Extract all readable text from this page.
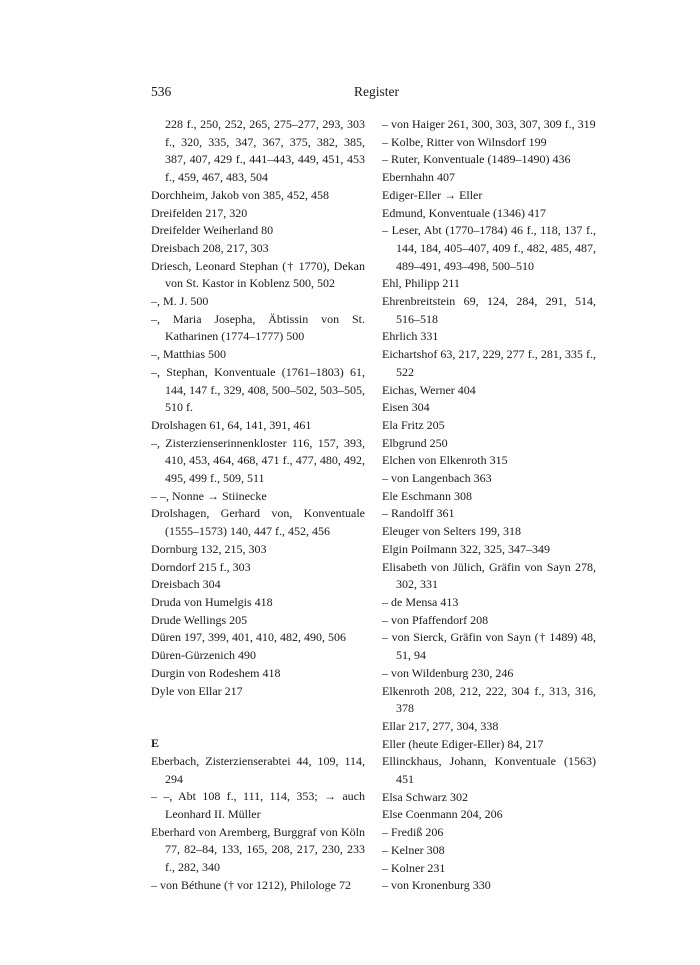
536	Register

228 f., 250, 252, 265, 275–277, 293, 303 f., 320, 335, 347, 367, 375, 382, 385, 387, 407, 429 f., 441–443, 449, 451, 453 f., 459, 467, 483, 504

Dorchheim, Jakob von 385, 452, 458

Dreifelden 217, 320

Dreifelder Weiherland 80

Dreisbach 208, 217, 303

Driesch, Leonard Stephan († 1770), Dekan von St. Kastor in Koblenz 500, 502

–, M. J. 500

–, Maria Josepha, Äbtissin von St. Katharinen (1774–1777) 500

–, Matthias 500

–, Stephan, Konventuale (1761–1803) 61, 144, 147 f., 329, 408, 500–502, 503–505, 510 f.

Drolshagen 61, 64, 141, 391, 461

–, Zisterzienserinnenkloster 116, 157, 393, 410, 453, 464, 468, 471 f., 477, 480, 492, 495, 499 f., 509, 511

– –, Nonne → Stiinecke

Drolshagen, Gerhard von, Konventuale (1555–1573) 140, 447 f., 452, 456

Dornburg 132, 215, 303

Dorndorf 215 f., 303

Dreisbach 304

Druda von Humelgis 418

Drude Wellings 205

Düren 197, 399, 401, 410, 482, 490, 506

Düren-Gürzenich 490

Durgin von Rodeshem 418

Dyle von Ellar 217

E

Eberbach, Zisterzienserabtei 44, 109, 114, 294

– –, Abt 108 f., 111, 114, 353; → auch Leonhard II. Müller

Eberhard von Aremberg, Burggraf von Köln 77, 82–84, 133, 165, 208, 217, 230, 233 f., 282, 340

– von Béthune († vor 1212), Philologe 72

– von Haiger 261, 300, 303, 307, 309 f., 319

– Kolbe, Ritter von Wilnsdorf 199

– Ruter, Konventuale (1489–1490) 436

Ebernhahn 407

Ediger-Eller → Eller

Edmund, Konventuale (1346) 417

– Leser, Abt (1770–1784) 46 f., 118, 137 f., 144, 184, 405–407, 409 f., 482, 485, 487, 489–491, 493–498, 500–510

Ehl, Philipp 211

Ehrenbreitstein 69, 124, 284, 291, 514, 516–518

Ehrlich 331

Eichartshof 63, 217, 229, 277 f., 281, 335 f., 522

Eichas, Werner 404

Eisen 304

Ela Fritz 205

Elbgrund 250

Elchen von Elkenroth 315

– von Langenbach 363

Ele Eschmann 308

– Randolff 361

Eleuger von Selters 199, 318

Elgin Poilmann 322, 325, 347–349

Elisabeth von Jülich, Gräfin von Sayn 278, 302, 331

– de Mensa 413

– von Pfaffendorf 208

– von Sierck, Gräfin von Sayn († 1489) 48, 51, 94

– von Wildenburg 230, 246

Elkenroth 208, 212, 222, 304 f., 313, 316, 378

Ellar 217, 277, 304, 338

Eller (heute Ediger-Eller) 84, 217

Ellinckhaus, Johann, Konventuale (1563) 451

Elsa Schwarz 302

Else Coenmann 204, 206

– Frediß 206

– Kelner 308

– Kolner 231

– von Kronenburg 330
